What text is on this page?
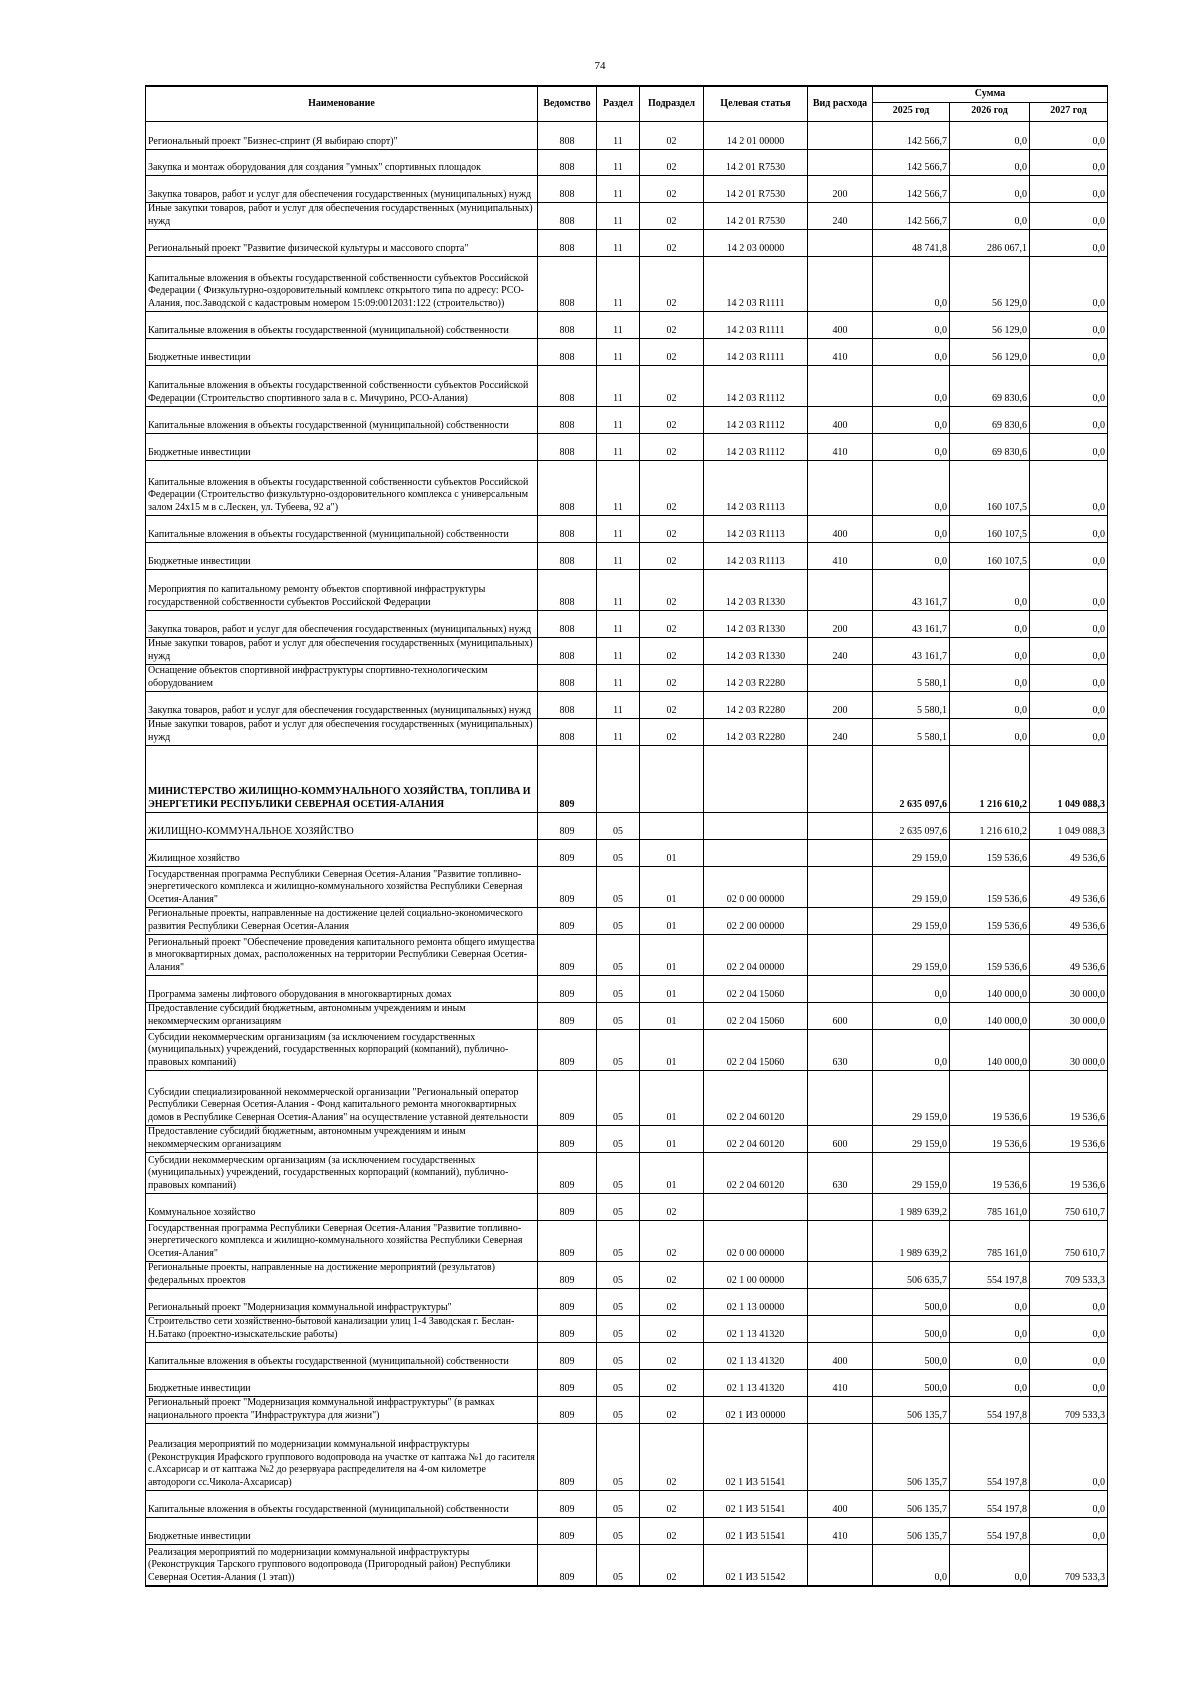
74
Наименование	Ведомство	Раздел	Подраздел	Целевая статья	Вид расхода	Сумма		
						2025 год	2026 год	2027 год
Региональный проект "Бизнес-спринт (Я выбираю спорт)"	808	11	02	14 2 01 00000		142 566,7	0,0	0,0
Закупка и монтаж оборудования для создания "умных" спортивных площадок	808	11	02	14 2 01 R7530		142 566,7	0,0	0,0
Закупка товаров, работ и услуг для обеспечения государственных (муниципальных) нужд	808	11	02	14 2 01 R7530	200	142 566,7	0,0	0,0
Иные закупки товаров, работ и услуг для обеспечения государственных (муниципальных) нужд	808	11	02	14 2 01 R7530	240	142 566,7	0,0	0,0
Региональный проект "Развитие физической культуры и массового спорта"	808	11	02	14 2 03 00000		48 741,8	286 067,1	0,0
Капитальные вложения в объекты государственной собственности субъектов Российской Федерации ( Физкультурно-оздоровительный комплекс открытого типа по адресу: РСО-Алания, пос.Заводской с кадастровым номером 15:09:0012031:122 (строительство))	808	11	02	14 2 03 R1111		0,0	56 129,0	0,0
Капитальные вложения в объекты государственной (муниципальной) собственности	808	11	02	14 2 03 R1111	400	0,0	56 129,0	0,0
Бюджетные инвестиции	808	11	02	14 2 03 R1111	410	0,0	56 129,0	0,0
Капитальные вложения в объекты государственной собственности субъектов Российской Федерации (Строительство спортивного зала в с. Мичурино, РСО-Алания)	808	11	02	14 2 03 R1112		0,0	69 830,6	0,0
Капитальные вложения в объекты государственной (муниципальной) собственности	808	11	02	14 2 03 R1112	400	0,0	69 830,6	0,0
Бюджетные инвестиции	808	11	02	14 2 03 R1112	410	0,0	69 830,6	0,0
Капитальные вложения в объекты государственной собственности субъектов Российской Федерации (Строительство физкультурно-оздоровительного комплекса с универсальным залом 24х15 м в с.Лескен, ул. Тубеева, 92 а")	808	11	02	14 2 03 R1113		0,0	160 107,5	0,0
Капитальные вложения в объекты государственной (муниципальной) собственности	808	11	02	14 2 03 R1113	400	0,0	160 107,5	0,0
Бюджетные инвестиции	808	11	02	14 2 03 R1113	410	0,0	160 107,5	0,0
Мероприятия по капитальному ремонту объектов спортивной инфраструктуры государственной собственности субъектов Российской Федерации	808	11	02	14 2 03 R1330		43 161,7	0,0	0,0
Закупка товаров, работ и услуг для обеспечения государственных (муниципальных) нужд	808	11	02	14 2 03 R1330	200	43 161,7	0,0	0,0
Иные закупки товаров, работ и услуг для обеспечения государственных (муниципальных) нужд	808	11	02	14 2 03 R1330	240	43 161,7	0,0	0,0
Оснащение объектов спортивной инфраструктуры спортивно-технологическим оборудованием	808	11	02	14 2 03 R2280		5 580,1	0,0	0,0
Закупка товаров, работ и услуг для обеспечения государственных (муниципальных) нужд	808	11	02	14 2 03 R2280	200	5 580,1	0,0	0,0
Иные закупки товаров, работ и услуг для обеспечения государственных (муниципальных) нужд	808	11	02	14 2 03 R2280	240	5 580,1	0,0	0,0
МИНИСТЕРСТВО ЖИЛИЩНО-КОММУНАЛЬНОГО ХОЗЯЙСТВА, ТОПЛИВА И ЭНЕРГЕТИКИ РЕСПУБЛИКИ СЕВЕРНАЯ ОСЕТИЯ-АЛАНИЯ	809					2 635 097,6	1 216 610,2	1 049 088,3
ЖИЛИЩНО-КОММУНАЛЬНОЕ ХОЗЯЙСТВО	809	05				2 635 097,6	1 216 610,2	1 049 088,3
Жилищное хозяйство	809	05	01			29 159,0	159 536,6	49 536,6
Государственная программа Республики Северная Осетия-Алания "Развитие топливно-энергетического комплекса и жилищно-коммунального хозяйства Республики Северная Осетия-Алания"	809	05	01	02 0 00 00000		29 159,0	159 536,6	49 536,6
Региональные проекты, направленные на достижение целей социально-экономического развития Республики Северная Осетия-Алания	809	05	01	02 2 00 00000		29 159,0	159 536,6	49 536,6
Региональный проект "Обеспечение проведения капитального ремонта общего имущества в многоквартирных домах, расположенных на территории Республики Северная Осетия-Алания"	809	05	01	02 2 04 00000		29 159,0	159 536,6	49 536,6
Программа замены лифтового оборудования в многоквартирных домах	809	05	01	02 2 04 15060		0,0	140 000,0	30 000,0
Предоставление субсидий бюджетным, автономным учреждениям и иным некоммерческим организациям	809	05	01	02 2 04 15060	600	0,0	140 000,0	30 000,0
Субсидии некоммерческим организациям (за исключением государственных (муниципальных) учреждений, государственных корпораций (компаний), публично-правовых компаний)	809	05	01	02 2 04 15060	630	0,0	140 000,0	30 000,0
Субсидии специализированной некоммерческой организации "Региональный оператор Республики Северная Осетия-Алания - Фонд капитального ремонта многоквартирных домов в Республике Северная Осетия-Алания" на осуществление уставной деятельности	809	05	01	02 2 04 60120		29 159,0	19 536,6	19 536,6
Предоставление субсидий бюджетным, автономным учреждениям и иным некоммерческим организациям	809	05	01	02 2 04 60120	600	29 159,0	19 536,6	19 536,6
Субсидии некоммерческим организациям (за исключением государственных (муниципальных) учреждений, государственных корпораций (компаний), публично-правовых компаний)	809	05	01	02 2 04 60120	630	29 159,0	19 536,6	19 536,6
Коммунальное хозяйство	809	05	02			1 989 639,2	785 161,0	750 610,7
Государственная программа Республики Северная Осетия-Алания "Развитие топливно-энергетического комплекса и жилищно-коммунального хозяйства Республики Северная Осетия-Алания"	809	05	02	02 0 00 00000		1 989 639,2	785 161,0	750 610,7
Региональные проекты, направленные на достижение мероприятий (результатов) федеральных проектов	809	05	02	02 1 00 00000		506 635,7	554 197,8	709 533,3
Региональный проект "Модернизация коммунальной инфраструктуры"	809	05	02	02 1 13 00000		500,0	0,0	0,0
Строительство сети хозяйственно-бытовой канализации улиц 1-4 Заводская г. Беслан-Н.Батако (проектно-изыскательские работы)	809	05	02	02 1 13 41320		500,0	0,0	0,0
Капитальные вложения в объекты государственной (муниципальной) собственности	809	05	02	02 1 13 41320	400	500,0	0,0	0,0
Бюджетные инвестиции	809	05	02	02 1 13 41320	410	500,0	0,0	0,0
Региональный проект "Модернизация коммунальной инфраструктуры" (в рамках национального проекта "Инфраструктура для жизни")	809	05	02	02 1 И3 00000		506 135,7	554 197,8	709 533,3
Реализация мероприятий по модернизации коммунальной инфраструктуры (Реконструкция Ирафского группового водопровода на участке от каптажа №1 до гасителя с.Ахсарисар и от каптажа №2 до резервуара распределителя на 4-ом километре автодороги сс.Чикола-Ахсарисар)	809	05	02	02 1 И3 51541		506 135,7	554 197,8	0,0
Капитальные вложения в объекты государственной (муниципальной) собственности	809	05	02	02 1 И3 51541	400	506 135,7	554 197,8	0,0
Бюджетные инвестиции	809	05	02	02 1 И3 51541	410	506 135,7	554 197,8	0,0
Реализация мероприятий по модернизации коммунальной инфраструктуры (Реконструкция Тарского группового водопровода (Пригородный район) Республики Северная Осетия-Алания (1 этап))	809	05	02	02 1 И3 51542		0,0	0,0	709 533,3
